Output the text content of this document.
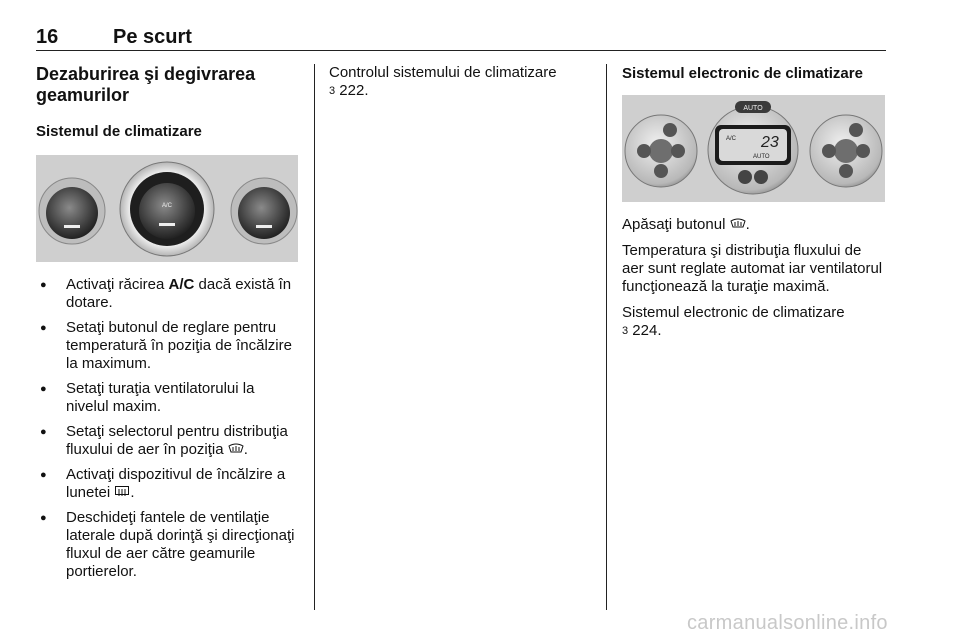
16	Pe scurt
Dezaburirea şi degivrarea geamurilor
Sistemul de climatizare
A/C
● Activaţi răcirea A/C dacă există în dotare.
● Setaţi butonul de reglare pentru temperatură în poziţia de încălzire la maximum.
● Setaţi turaţia ventilatorului la nivelul maxim.
● Setaţi selectorul pentru distribuţia fluxului de aer în poziţia .
● Activaţi dispozitivul de încălzire a lunetei .
● Deschideţi fantele de ventilaţie laterale după dorinţă şi direcţionaţi fluxul de aer către geamurile portierelor.

Controlul sistemului de climatizare
3 222.

Sistemul electronic de climatizare
AUTO
A/C 23
AUTO

Apăsaţi butonul .

Temperatura şi distribuţia fluxului de aer sunt reglate automat iar ventilatorul funcţionează la turaţie maximă.

Sistemul electronic de climatizare
3 224.

carmanualsonline.info
